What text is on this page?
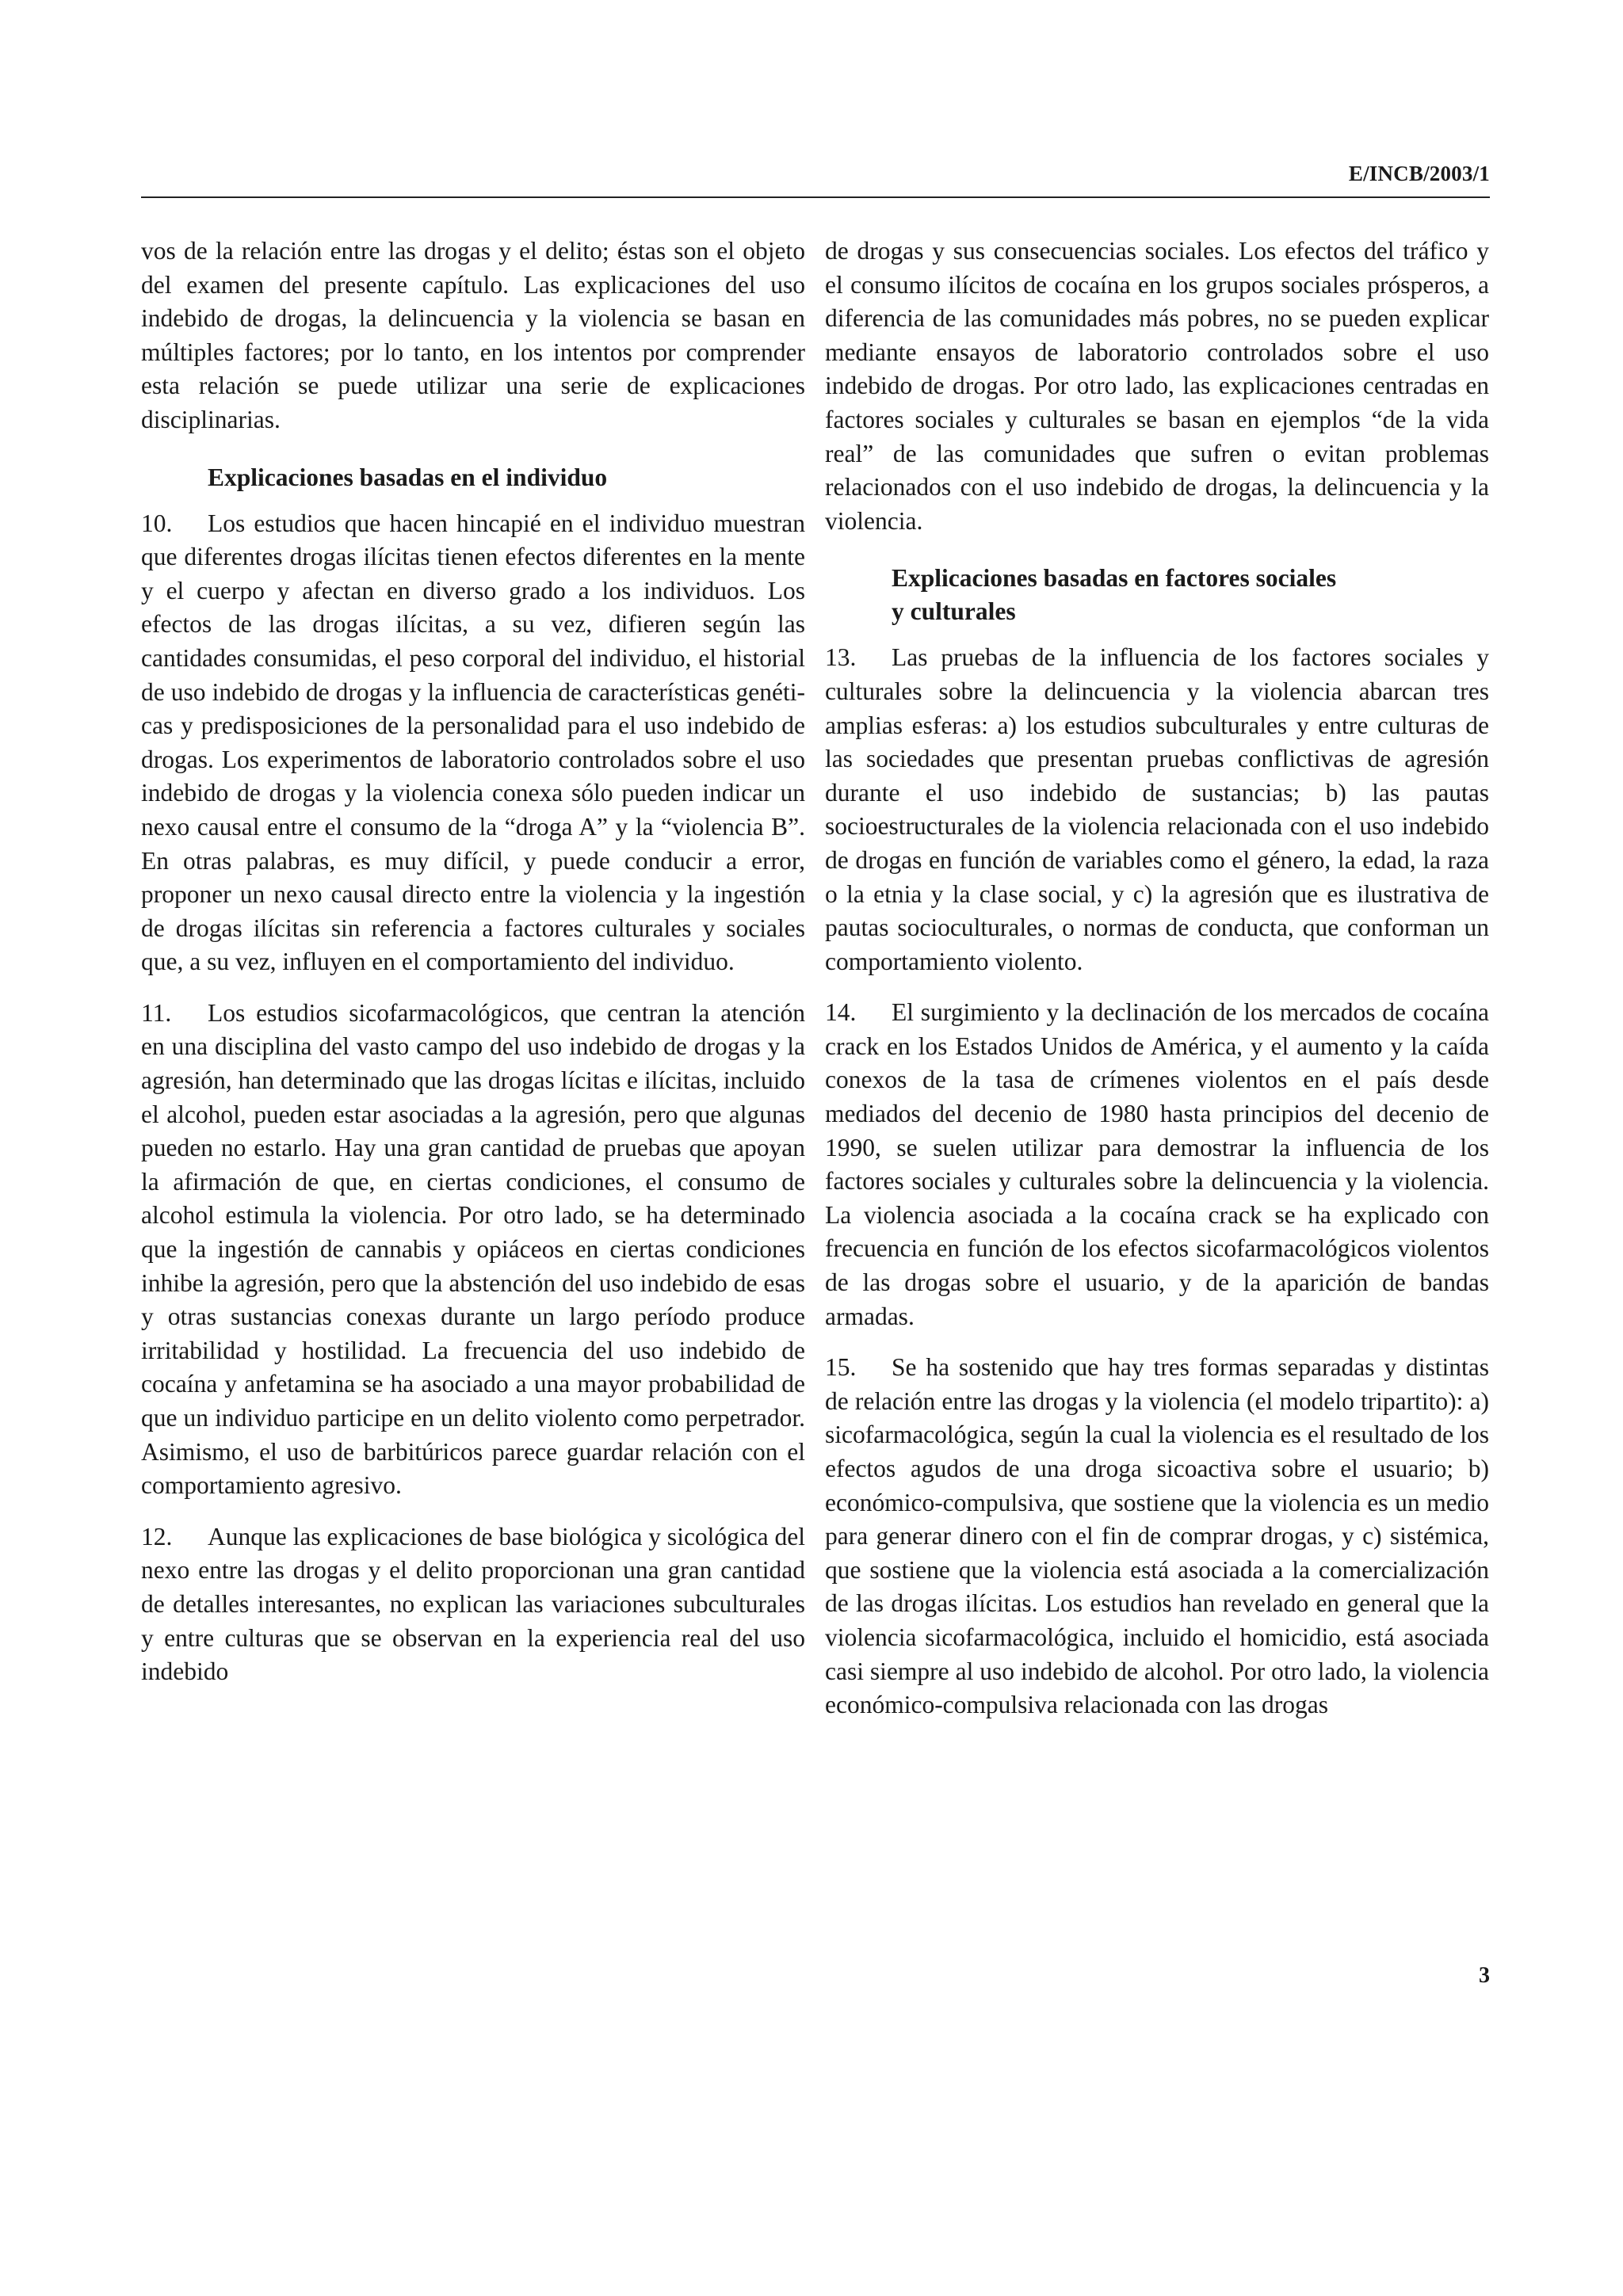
E/INCB/2003/1

vos de la relación entre las drogas y el delito; éstas son el objeto del examen del presente capítulo. Las explicaciones del uso indebido de drogas, la delincuencia y la violencia se basan en múltiples factores; por lo tanto, en los intentos por comprender esta relación se puede utilizar una serie de explicaciones disciplinarias.

Explicaciones basadas en el individuo

10. Los estudios que hacen hincapié en el individuo muestran que diferentes drogas ilícitas tienen efectos diferentes en la mente y el cuerpo y afectan en diverso grado a los individuos. Los efectos de las drogas ilícitas, a su vez, difieren según las cantidades consumidas, el peso corporal del individuo, el historial de uso indebido de drogas y la influencia de características genéticas y predisposiciones de la personalidad para el uso indebido de drogas. Los experimentos de laboratorio controlados sobre el uso indebido de drogas y la violencia conexa sólo pueden indicar un nexo causal entre el consumo de la “droga A” y la “violencia B”. En otras palabras, es muy difícil, y puede conducir a error, proponer un nexo causal directo entre la violencia y la ingestión de drogas ilícitas sin referencia a factores culturales y sociales que, a su vez, influyen en el comportamiento del individuo.

11. Los estudios sicofarmacológicos, que centran la atención en una disciplina del vasto campo del uso indebido de drogas y la agresión, han determinado que las drogas lícitas e ilícitas, incluido el alcohol, pueden estar asociadas a la agresión, pero que algunas pueden no estarlo. Hay una gran cantidad de pruebas que apoyan la afirmación de que, en ciertas condiciones, el consumo de alcohol estimula la violencia. Por otro lado, se ha determinado que la ingestión de cannabis y opiáceos en ciertas condiciones inhibe la agresión, pero que la abstención del uso indebido de esas y otras sustancias conexas durante un largo período produce irritabilidad y hostilidad. La frecuencia del uso indebido de cocaína y anfetamina se ha asociado a una mayor probabilidad de que un individuo participe en un delito violento como perpetrador. Asimismo, el uso de barbitúricos parece guardar relación con el comportamiento agresivo.

12. Aunque las explicaciones de base biológica y sicológica del nexo entre las drogas y el delito proporcionan una gran cantidad de detalles interesantes, no explican las variaciones subculturales y entre culturas que se observan en la experiencia real del uso indebido

de drogas y sus consecuencias sociales. Los efectos del tráfico y el consumo ilícitos de cocaína en los grupos sociales prósperos, a diferencia de las comunidades más pobres, no se pueden explicar mediante ensayos de laboratorio controlados sobre el uso indebido de drogas. Por otro lado, las explicaciones centradas en factores sociales y culturales se basan en ejemplos “de la vida real” de las comunidades que sufren o evitan problemas relacionados con el uso indebido de drogas, la delincuencia y la violencia.

Explicaciones basadas en factores sociales
y culturales

13. Las pruebas de la influencia de los factores sociales y culturales sobre la delincuencia y la violencia abarcan tres amplias esferas: a) los estudios subculturales y entre culturas de las sociedades que presentan pruebas conflictivas de agresión durante el uso indebido de sustancias; b) las pautas socioestructurales de la violencia relacionada con el uso indebido de drogas en función de variables como el género, la edad, la raza o la etnia y la clase social, y c) la agresión que es ilustrativa de pautas socioculturales, o normas de conducta, que conforman un comportamiento violento.

14. El surgimiento y la declinación de los mercados de cocaína crack en los Estados Unidos de América, y el aumento y la caída conexos de la tasa de crímenes violentos en el país desde mediados del decenio de 1980 hasta principios del decenio de 1990, se suelen utilizar para demostrar la influencia de los factores sociales y culturales sobre la delincuencia y la violencia. La violencia asociada a la cocaína crack se ha explicado con frecuencia en función de los efectos sicofarmacológicos violentos de las drogas sobre el usuario, y de la aparición de bandas armadas.

15. Se ha sostenido que hay tres formas separadas y distintas de relación entre las drogas y la violencia (el modelo tripartito): a) sicofarmacológica, según la cual la violencia es el resultado de los efectos agudos de una droga sicoactiva sobre el usuario; b) económico-compulsiva, que sostiene que la violencia es un medio para generar dinero con el fin de comprar drogas, y c) sistémica, que sostiene que la violencia está asociada a la comercialización de las drogas ilícitas. Los estudios han revelado en general que la violencia sicofarmacológica, incluido el homicidio, está asociada casi siempre al uso indebido de alcohol. Por otro lado, la violencia económico-compulsiva relacionada con las drogas

3
